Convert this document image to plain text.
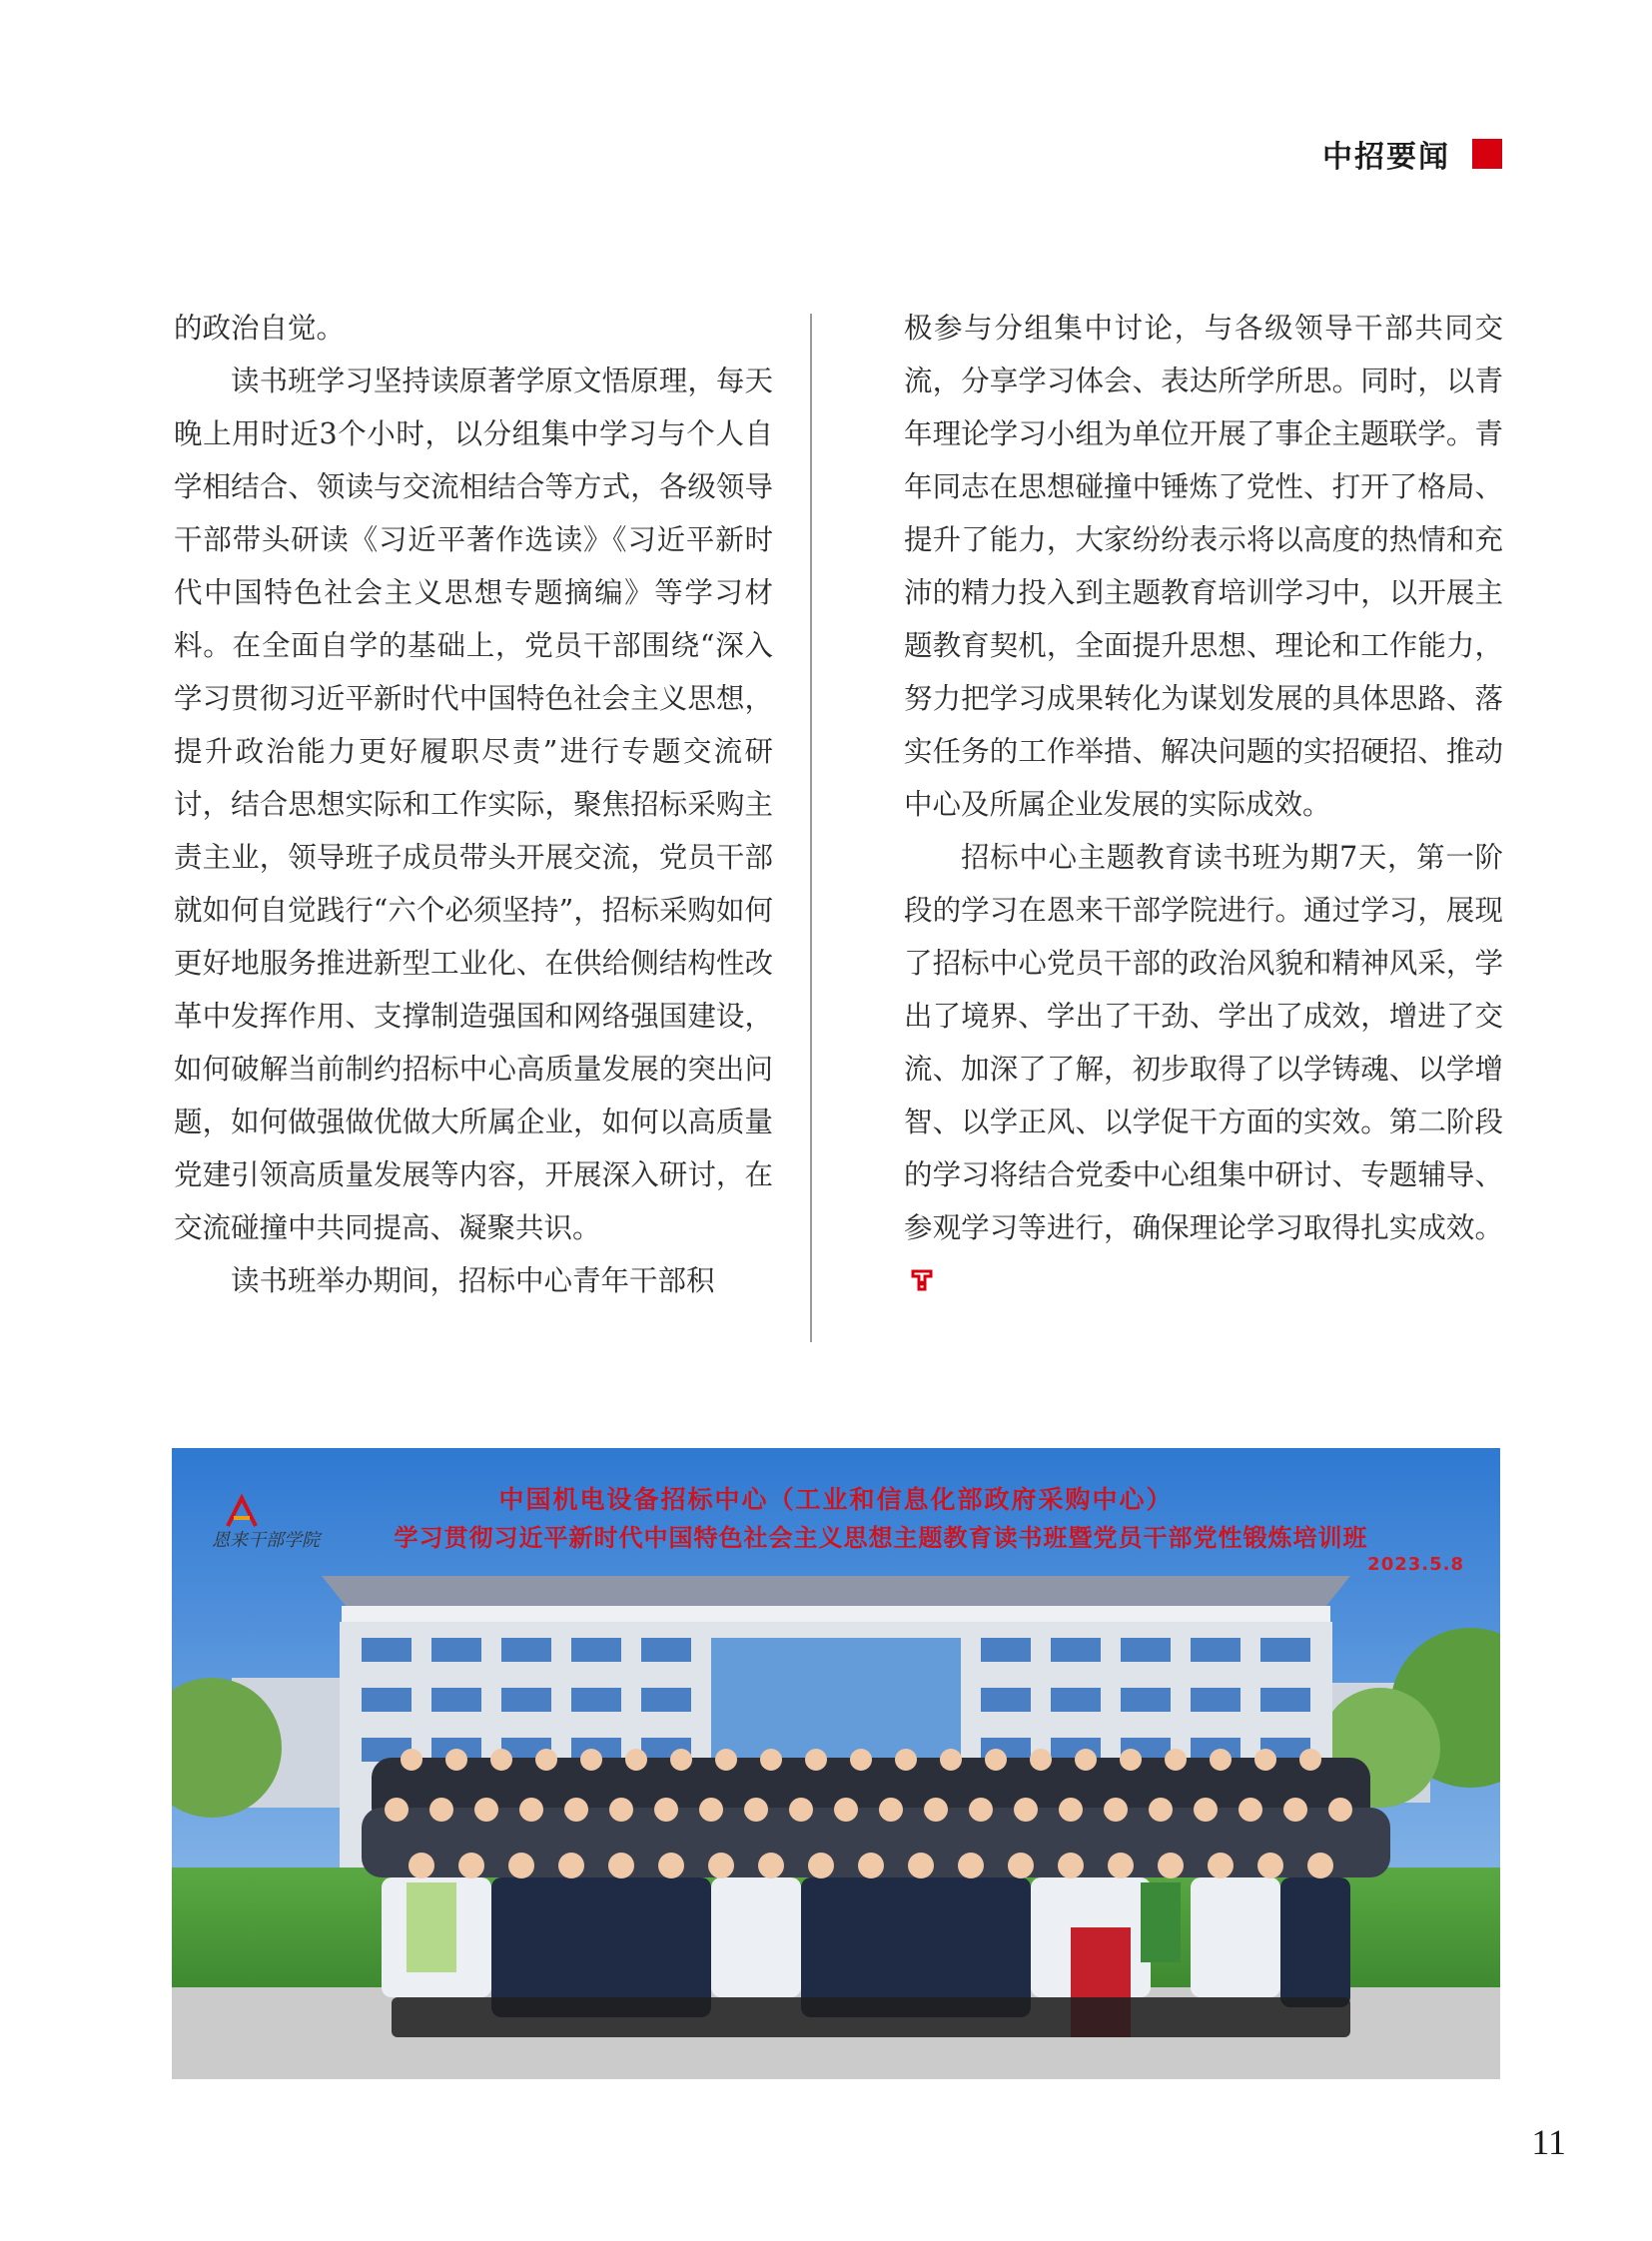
中招要闻

的政治自觉。

读书班学习坚持读原著学原文悟原理，每天晚上用时近3个小时，以分组集中学习与个人自学相结合、领读与交流相结合等方式，各级领导干部带头研读《习近平著作选读》《习近平新时代中国特色社会主义思想专题摘编》等学习材料。在全面自学的基础上，党员干部围绕“深入学习贯彻习近平新时代中国特色社会主义思想，提升政治能力更好履职尽责”进行专题交流研讨，结合思想实际和工作实际，聚焦招标采购主责主业，领导班子成员带头开展交流，党员干部就如何自觉践行“六个必须坚持”，招标采购如何更好地服务推进新型工业化、在供给侧结构性改革中发挥作用、支撑制造强国和网络强国建设，如何破解当前制约招标中心高质量发展的突出问题，如何做强做优做大所属企业，如何以高质量党建引领高质量发展等内容，开展深入研讨，在交流碰撞中共同提高、凝聚共识。

读书班举办期间，招标中心青年干部积

极参与分组集中讨论，与各级领导干部共同交流，分享学习体会、表达所学所思。同时，以青年理论学习小组为单位开展了事企主题联学。青年同志在思想碰撞中锤炼了党性、打开了格局、提升了能力，大家纷纷表示将以高度的热情和充沛的精力投入到主题教育培训学习中，以开展主题教育契机，全面提升思想、理论和工作能力，努力把学习成果转化为谋划发展的具体思路、落实任务的工作举措、解决问题的实招硬招、推动中心及所属企业发展的实际成效。

招标中心主题教育读书班为期7天，第一阶段的学习在恩来干部学院进行。通过学习，展现了招标中心党员干部的政治风貌和精神风采，学出了境界、学出了干劲、学出了成效，增进了交流、加深了了解，初步取得了以学铸魂、以学增智、以学正风、以学促干方面的实效。第二阶段的学习将结合党委中心组集中研讨、专题辅导、参观学习等进行，确保理论学习取得扎实成效。

恩来干部学院
中国机电设备招标中心（工业和信息化部政府采购中心）
学习贯彻习近平新时代中国特色社会主义思想主题教育读书班暨党员干部党性锻炼培训班
2023.5.8
11
